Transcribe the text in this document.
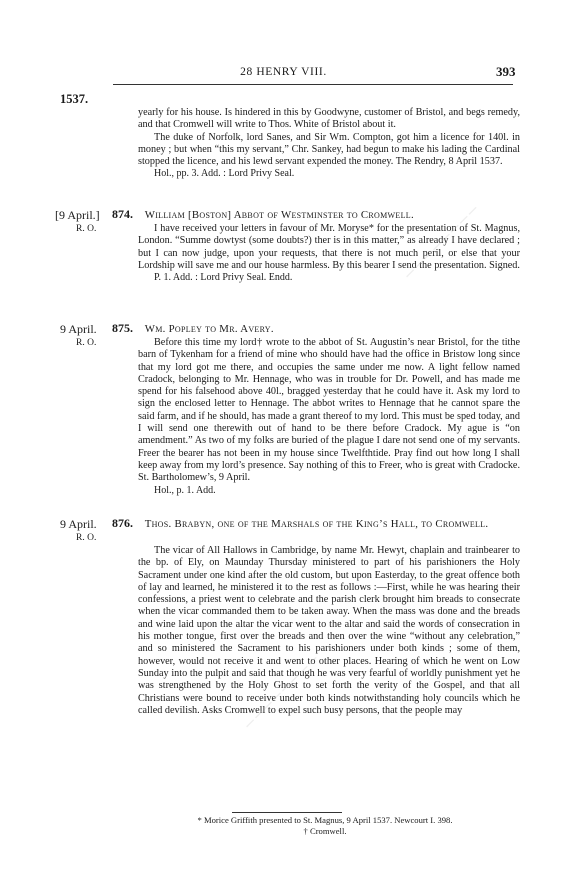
28 HENRY VIII.	393
1537.

yearly for his house. Is hindered in this by Goodwyne, customer of Bristol, and begs remedy, and that Cromwell will write to Thos. White of Bristol about it.

The duke of Norfolk, lord Sanes, and Sir Wm. Compton, got him a licence for 140l. in money ; but when “this my servant,” Chr. Sankey, had begun to make his lading the Cardinal stopped the licence, and his lewd servant expended the money. The Rendry, 8 April 1537.

Hol., pp. 3. Add. : Lord Privy Seal.

[9 April.]
R. O.
874. William [Boston] Abbot of Westminster to Cromwell.

I have received your letters in favour of Mr. Moryse* for the presentation of St. Magnus, London. “Summe dowtyst (some doubts?) ther is in this matter,” as already I have declared ; but I can now judge, upon your requests, that there is not much peril, or else that your Lordship will save me and our house harmless. By this bearer I send the presentation. Signed.

P. 1. Add. : Lord Privy Seal. Endd.

9 April.
R. O.
875. Wm. Popley to Mr. Avery.

Before this time my lord† wrote to the abbot of St. Augustin’s near Bristol, for the tithe barn of Tykenham for a friend of mine who should have had the office in Bristow long since that my lord got me there, and occupies the same under me now. A light fellow named Cradock, belonging to Mr. Hennage, who was in trouble for Dr. Powell, and has made me spend for his falsehood above 40l., bragged yesterday that he could have it. Ask my lord to sign the enclosed letter to Hennage. The abbot writes to Hennage that he cannot spare the said farm, and if he should, has made a grant thereof to my lord. This must be sped today, and I will send one therewith out of hand to be there before Cradock. My ague is “on amendment.” As two of my folks are buried of the plague I dare not send one of my servants. Freer the bearer has not been in my house since Twelfthtide. Pray find out how long I shall keep away from my lord’s presence. Say nothing of this to Freer, who is great with Cradocke. St. Bartholomew’s, 9 April.

Hol., p. 1. Add.

9 April.
R. O.
876. Thos. Brabyn, one of the Marshals of the King’s Hall, to Cromwell.

The vicar of All Hallows in Cambridge, by name Mr. Hewyt, chaplain and trainbearer to the bp. of Ely, on Maunday Thursday ministered to part of his parishioners the Holy Sacrament under one kind after the old custom, but upon Easterday, to the great offence both of lay and learned, he ministered it to the rest as follows :—First, while he was hearing their confessions, a priest went to celebrate and the parish clerk brought him breads to consecrate when the vicar commanded them to be taken away. When the mass was done and the breads and wine laid upon the altar the vicar went to the altar and said the words of consecration in his mother tongue, first over the breads and then over the wine “without any celebration,” and so ministered the Sacrament to his parishioners under both kinds ; some of them, however, would not receive it and went to other places. Hearing of which he went on Low Sunday into the pulpit and said that though he was very fearful of worldly punishment yet he was strengthened by the Holy Ghost to set forth the verity of the Gospel, and that all Christians were bound to receive under both kinds notwithstanding holy councils which he called devilish. Asks Cromwell to expel such busy persons, that the people may

* Morice Griffith presented to St. Magnus, 9 April 1537. Newcourt I. 398.
† Cromwell.
────────
────────
